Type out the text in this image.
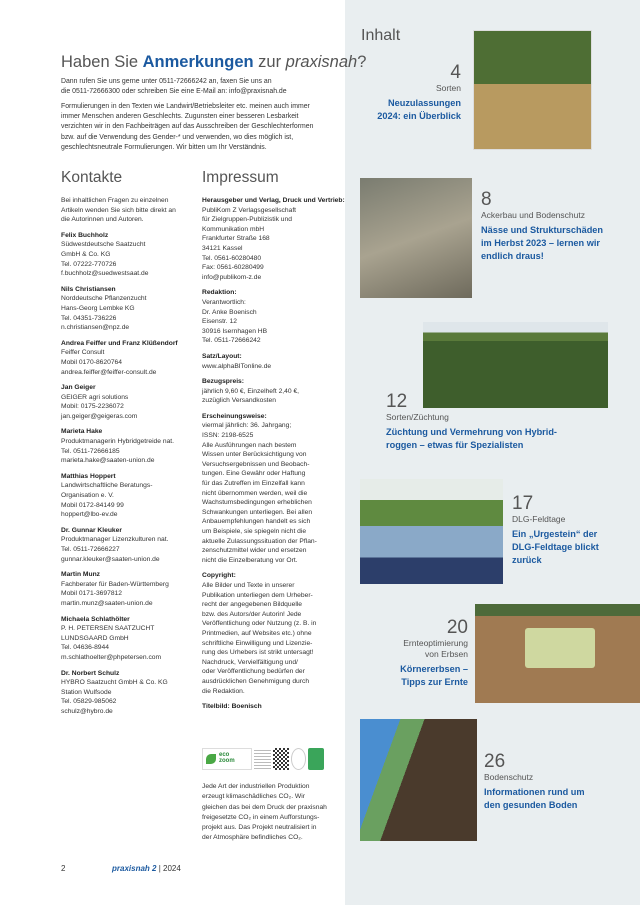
Haben Sie Anmerkungen zur praxisnah?
Dann rufen Sie uns gerne unter 0511-72666242 an, faxen Sie uns an
die 0511-72666300 oder schreiben Sie eine E-Mail an: info@praxisnah.de
Formulierungen in den Texten wie Landwirt/Betriebsleiter etc. meinen auch immer
immer Menschen anderen Geschlechts. Zugunsten einer besseren Lesbarkeit
verzichten wir in den Fachbeiträgen auf das Ausschreiben der Geschlechterformen
bzw. auf die Verwendung des Gender-* und verwenden, wo dies möglich ist,
geschlechtsneutrale Formulierungen. Wir bitten um Ihr Verständnis.
Kontakte
Bei inhaltlichen Fragen zu einzelnen
Artikeln wenden Sie sich bitte direkt an
die Autorinnen und Autoren.
Felix Buchholz
Südwestdeutsche Saatzucht
GmbH & Co. KG
Tel. 07222-770726
f.buchholz@suedwestsaat.de
Nils Christiansen
Norddeutsche Pflanzenzucht
Hans-Georg Lembke KG
Tel. 04351-736226
n.christiansen@npz.de
Andrea Feiffer und Franz Klüßendorf
Feiffer Consult
Mobil 0170-8620764
andrea.feiffer@feiffer-consult.de
Jan Geiger
GEIGER agri solutions
Mobil: 0175-2236072
jan.geiger@geigeras.com
Marieta Hake
Produktmanagerin Hybridgetreide nat.
Tel. 0511-72666185
marieta.hake@saaten-union.de
Matthias Hoppert
Landwirtschaftliche Beratungs-
Organisation e. V.
Mobil 0172-84149 99
hoppert@lbo-ev.de
Dr. Gunnar Kleuker
Produktmanager Lizenzkulturen nat.
Tel. 0511-72666227
gunnar.kleuker@saaten-union.de
Martin Munz
Fachberater für Baden-Württemberg
Mobil 0171-3697812
martin.munz@saaten-union.de
Michaela Schlathölter
P. H. PETERSEN SAATZUCHT
LUNDSGAARD GmbH
Tel. 04636-8944
m.schlathoelter@phpetersen.com
Dr. Norbert Schulz
HYBRO Saatzucht GmbH & Co. KG
Station Wulfsode
Tel. 05829-985062
schulz@hybro.de
Impressum
Herausgeber und Verlag, Druck und Vertrieb:
PubliKom Z Verlagsgesellschaft
für Zielgruppen-Publizistik und
Kommunikation mbH
Frankfurter Straße 168
34121 Kassel
Tel. 0561-60280480
Fax: 0561-60280499
info@publikom-z.de
Redaktion:
Verantwortlich:
Dr. Anke Boenisch
Eisenstr. 12
30916 Isernhagen HB
Tel. 0511-72666242
Satz/Layout:
www.alphaBITonline.de
Bezugspreis:
jährlich 9,60 €, Einzelheft 2,40 €,
zuzüglich Versandkosten
Erscheinungsweise:
viermal jährlich: 36. Jahrgang;
ISSN: 2198-6525
Alle Ausführungen nach bestem
Wissen unter Berücksichtigung von
Versuchsergebnissen und Beobach-
tungen. Eine Gewähr oder Haftung
für das Zutreffen im Einzelfall kann
nicht übernommen werden, weil die
Wachstumsbedingungen erheblichen
Schwankungen unterliegen. Bei allen
Anbauempfehlungen handelt es sich
um Beispiele, sie spiegeln nicht die
aktuelle Zulassungssituation der Pflan-
zenschutzmittel wider und ersetzen
nicht die Einzelberatung vor Ort.
Copyright:
Alle Bilder und Texte in unserer
Publikation unterliegen dem Urheber-
recht der angegebenen Bildquelle
bzw. des Autors/der Autorin! Jede
Veröffentlichung oder Nutzung (z. B. in
Printmedien, auf Websites etc.) ohne
schriftliche Einwilligung und Lizenzie-
rung des Urhebers ist strikt untersagt!
Nachdruck, Vervielfältigung und/
oder Veröffentlichung bedürfen der
ausdrücklichen Genehmigung durch
die Redaktion.
Titelbild: Boenisch
eco
zoom
Jede Art der industriellen Produktion
erzeugt klimaschädliches CO₂. Wir
gleichen das bei dem Druck der praxisnah
freigesetzte CO₂ in einem Aufforstungs-
projekt aus. Das Projekt neutralisiert in
der Atmosphäre befindliches CO₂.
2	praxisnah 2 | 2024
Inhalt
4
Sorten
Neuzulassungen
2024: ein Überblick
8
Ackerbau und Bodenschutz
Nässe und Strukturschäden
im Herbst 2023 – lernen wir
endlich draus!
12
Sorten/Züchtung
Züchtung und Vermehrung von Hybrid-
roggen – etwas für Spezialisten
17
DLG-Feldtage
Ein „Urgestein“ der
DLG-Feldtage blickt
zurück
20
Ernteoptimierung von Erbsen
Körnererbsen –
Tipps zur Ernte
26
Bodenschutz
Informationen rund um
den gesunden Boden
